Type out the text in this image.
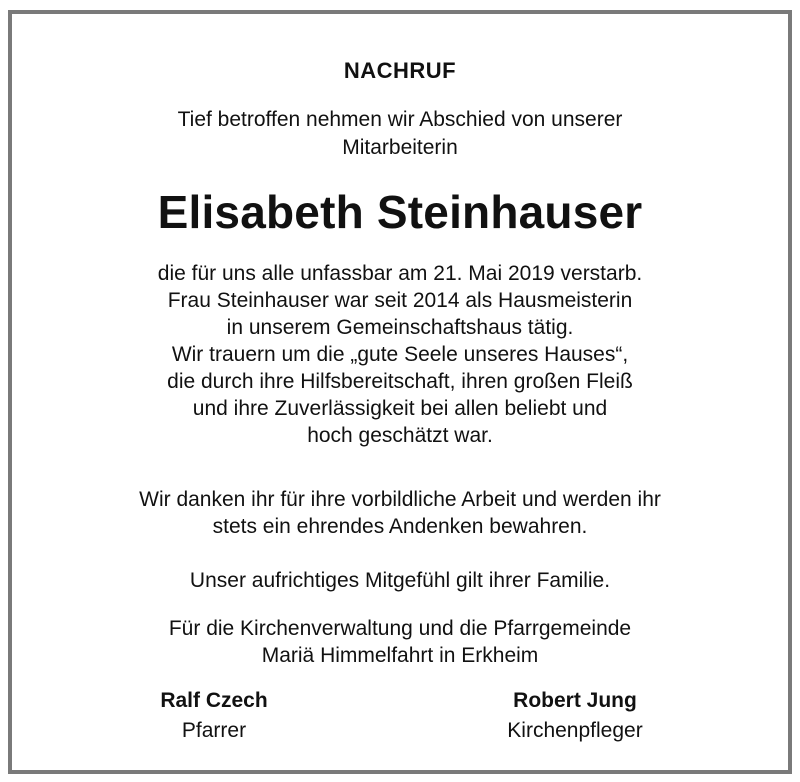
NACHRUF
Tief betroffen nehmen wir Abschied von unserer
Mitarbeiterin
Elisabeth Steinhauser
die für uns alle unfassbar am 21. Mai 2019 verstarb.
Frau Steinhauser war seit 2014 als Hausmeisterin
in unserem Gemeinschaftshaus tätig.
Wir trauern um die „gute Seele unseres Hauses“,
die durch ihre Hilfsbereitschaft, ihren großen Fleiß
und ihre Zuverlässigkeit bei allen beliebt und
hoch geschätzt war.
Wir danken ihr für ihre vorbildliche Arbeit und werden ihr
stets ein ehrendes Andenken bewahren.
Unser aufrichtiges Mitgefühl gilt ihrer Familie.
Für die Kirchenverwaltung und die Pfarrgemeinde
Mariä Himmelfahrt in Erkheim
Ralf Czech
Pfarrer
Robert Jung
Kirchenpfleger
